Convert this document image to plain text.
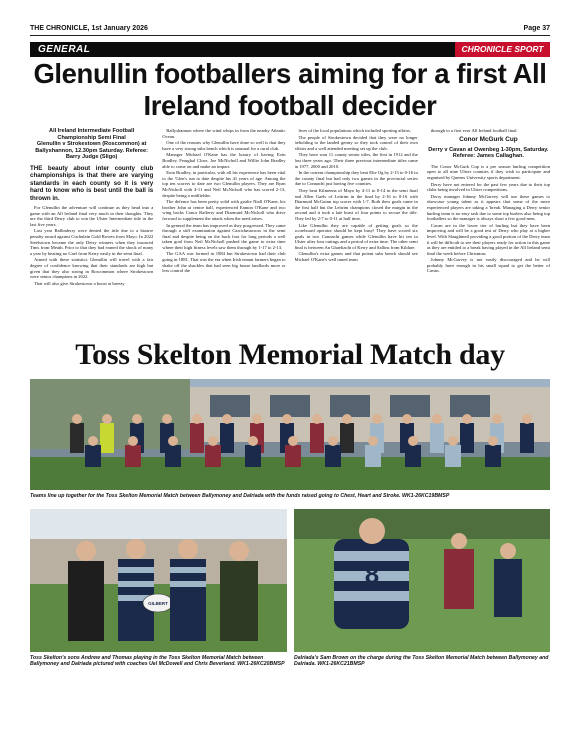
THE CHRONICLE, 1st January 2026	Page 37
GENERAL	CHRONICLE SPORT
Glenullin footballers aiming for a first All Ireland football decider
All Ireland Intermediate Football Championship Semi Final
Glenullin v Strokestown (Roscommon) at Ballyshannon, 12.30pm Saturday. Referee: Barry Judge (Sligo)
THE beauty about inter county club championships is that there are varying standards in each county so it is very hard to know who is best until the ball is thrown in.

For Glenullin the adventure will continue as they head into a game with an All Ireland final very much in their thoughts. They are the third Derry club to win the Ulster Intermediate title in the last five years.

Last year Ballinderry were denied the title due to a bizarre penalty award against Cuchulain Gold Rovers from Mayo. In 2022 Steelstown became the only Derry winners when they trounced Tims from Meath. Prior to that they had earned the shock of many a year by beating no Gael from Kerry easily in the semi final.

Armed with these statistics Glenullin will travel with a fair degree of confidence knowing that their standards are high but given that they also strong in Roscommon where Strokestown were senior champions in 2022.

That will also give Strokestown a boost at breezy

Ballyshannon where the wind whips in from the nearby Atlantic Ocean.

One of the reasons why Glenullin have done so well is that they have a very strong subs bench which is unusual for a rural club.

Manager Michael O'Kane has the luxury of having Eoin Bradley, Fearghal Close, Joe McNicholl and Willie John Bradley able to come on and make an impact.

Eoin Bradley, in particular, with all his experience has been vital to the 'Glen's run to date despite his 41 years of age. Among the top ten scorers to date are two Glenullin players. They are Ryan McNicholl with 4-11 and Neil McNicholl who has scored 2-13, despite being a midfielder.

The defence has been pretty solid with goalie Niall O'Kane, his brother John at centre half, experienced Eamon O'Kane and two wing backs Conor Rafferty and Diarmuid McNicholl who drive forward to supplement the attack when the need arises.

In general the team has improved as they progressed. They came through a stiff examination against Carrickmacross in the semi final and despite being on the back foot for long periods a well taken goal from Neil McNicholl pushed the game to extra time where their high fitness levels saw them through by 1-17 to 2-13.

The GAA was formed in 1884 but Strokestown had their club going in 1881. That was the era when Irish tenant farmers began to shake off the shackles that had seen big house landlords more or less control the

lives of the local populations which included sporting affairs.

The people of Strokestown decided that they were no longer beholding to the landed gentry so they took control of their own affairs and a well attended meeting set up the club.

They have won 11 county senior titles, the first in 1912 and the last three years ago. Their three previous intermediate titles came in 1977, 2000 and 2010.

In the current championship they beat Elie Og by 2-13 to 0-16 in the county final but had only two games in the provincial series due to Connacht just having five counties.

They beat Kilmeena of Mayo by 4-11 to 0-14 in the semi final and Allen Gaels of Leitrim in the final by 2-16 to 0-16 with Diarmuid McGuinn top scorer with 1-7. Both their goals came in the first half but the Leitrim champions closed the margin in the second and it took a late burst of four points to secure the title. They led by 2-7 to 0-11 at half time.

Like Glenullin they are capable of getting goals so the scoreboard operator should be kept busy! They have scored six goals in two Connacht games while Glenullin have hit ten in Ulster after four outings and a period of extra time. The other semi final is between An Ghaeltacht of Kerry and Sallins from Kildare.

Glenullin's extra games and that potent subs bench should see Michael O'Kane's well tuned team

through to a first ever All Ireland football final.

Conor McGurk Cup
Derry v Cavan at Owenbeg 1-30pm, Saturday. Referee: James Callaghan.

The Conor McGurk Cup is a pre season hurling competition open to all nine Ulster counties if they wish to participate and organised by Queens University sports department.

Derry have not entered for the past few years due to their top clubs being involved in Ulster competitions.

Derry manager Johnny McGarvey will use these games to showcase young talent as it appears that some of the more experienced players are taking a 'break. Managing a Derry senior hurling team is no easy task due to some top hurlers also being top footballers so the manager is always short a few good men.

Cavan are in the lower tier of hurling but they have been improving and will be a good test of Derry who play at a higher level. With Slaughtneil providing a good portion of the Derry team it will be difficult to see their players ready for action in this game as they are entitled to a break having played in the All Ireland semi final the week before Christmas.

Johnny McGarvey is not easily discouraged and he will probably have enough in his small squad to get the better of Cavan.

Toss Skelton Memorial Match day
Teams line up together for the Toss Skelton Memorial Match between Ballymoney and Dalriada with the funds raised going to Chest, Heart and Stroke. WK1-26KC19BMSP
GILBERT
Toss Skelton's sons Andrew and Thomas playing in the Toss Skelton Memorial Match between Ballymoney and Dalriada pictured with coaches Uel McDowell and Chris Beverland. WK1-26KC20BMSP
8
Dalriada's Sam Brown on the charge during the Toss Skelton Memorial Match between Ballymoney and Dalriada. WK1-26KC21BMSP
